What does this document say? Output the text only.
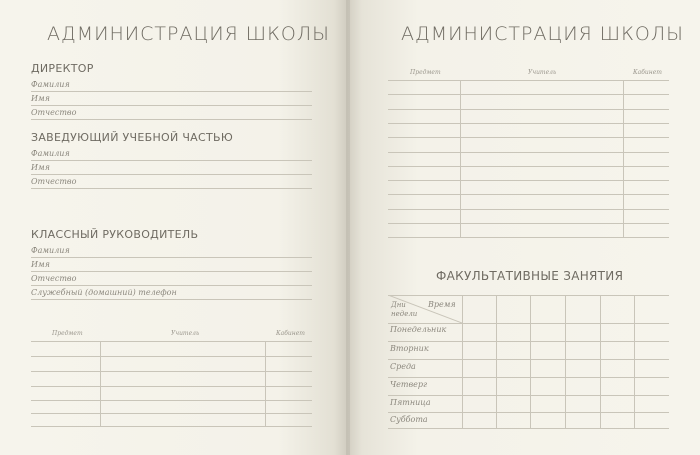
АДМИНИСТРАЦИЯ ШКОЛЫ
ДИРЕКТОР
Фамилия
Имя
Отчество
ЗАВЕДУЮЩИЙ УЧЕБНОЙ ЧАСТЬЮ
Фамилия
Имя
Отчество
КЛАССНЫЙ РУКОВОДИТЕЛЬ
Фамилия
Имя
Отчество
Служебный (домашний) телефон
Предмет	Учитель	Кабинет
АДМИНИСТРАЦИЯ ШКОЛЫ
Предмет	Учитель	Кабинет
ФАКУЛЬТАТИВНЫЕ ЗАНЯТИЯ
Время
Дни
недели
Понедельник
Вторник
Среда
Четверг
Пятница
Суббота
